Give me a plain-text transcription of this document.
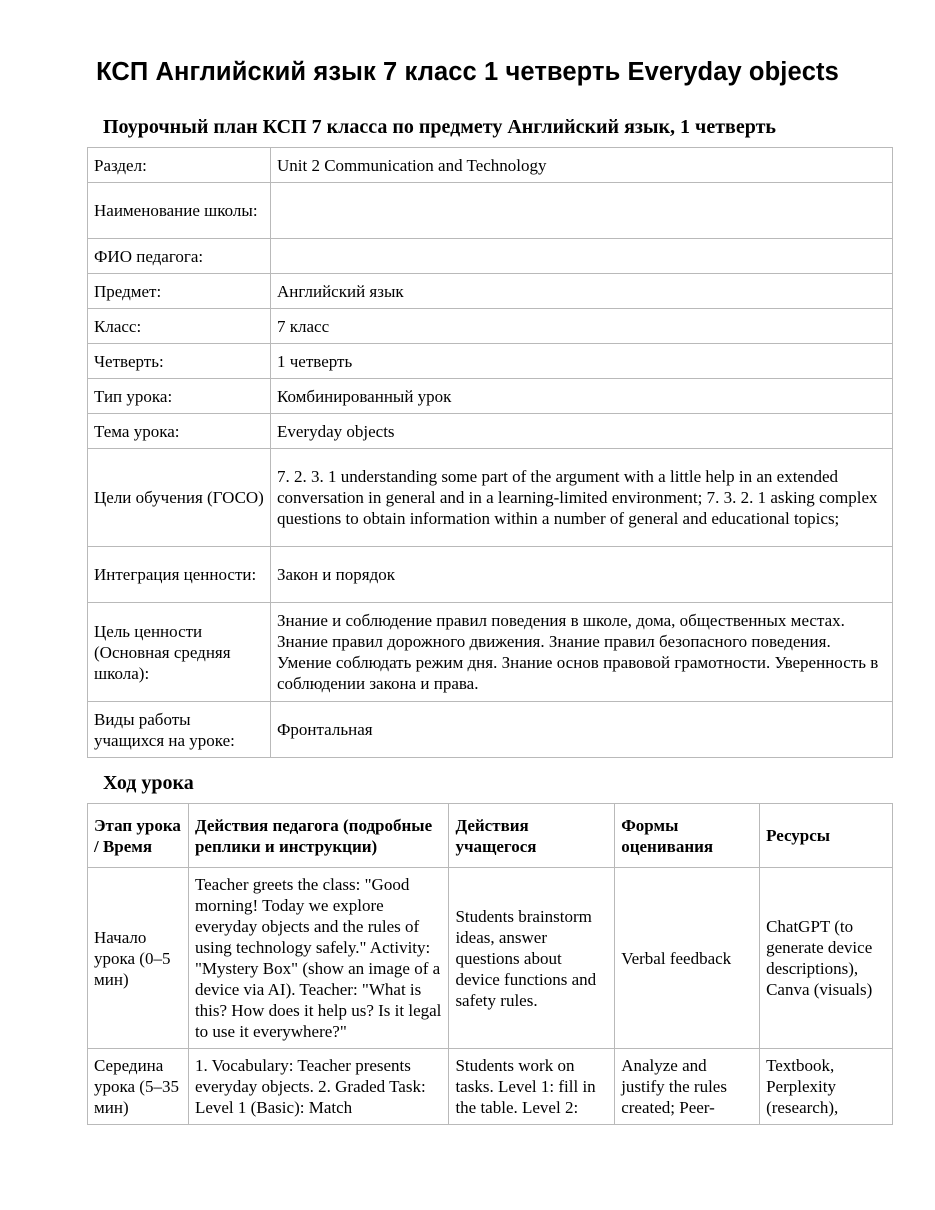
КСП Английский язык 7 класс 1 четверть Everyday objects
Поурочный план КСП 7 класса по предмету Английский язык, 1 четверть
Раздел:	Unit 2 Communication and Technology
Наименование школы:	
ФИО педагога:	
Предмет:	Английский язык
Класс:	7 класс
Четверть:	1 четверть
Тип урока:	Комбинированный урок
Тема урока:	Everyday objects
Цели обучения (ГОСО)	7. 2. 3. 1 understanding some part of the argument with a little help in an extended conversation in general and in a learning-limited environment; 7. 3. 2. 1 asking complex questions to obtain information within a number of general and educational topics;
Интеграция ценности:	Закон и порядок
Цель ценности (Основная средняя школа):	Знание и соблюдение правил поведения в школе, дома, общественных местах. Знание правил дорожного движения. Знание правил безопасного поведения. Умение соблюдать режим дня. Знание основ правовой грамотности. Уверенность в соблюдении закона и права.
Виды работы учащихся на уроке:	Фронтальная
Ход урока
Этап урока / Время	Действия педагога (подробные реплики и инструкции)	Действия учащегося	Формы оценивания	Ресурсы
Начало урока (0–5 мин)	Teacher greets the class: "Good morning! Today we explore everyday objects and the rules of using technology safely." Activity: "Mystery Box" (show an image of a device via AI). Teacher: "What is this? How does it help us? Is it legal to use it everywhere?"	Students brainstorm ideas, answer questions about device functions and safety rules.	Verbal feedback	ChatGPT (to generate device descriptions), Canva (visuals)
Середина урока (5–35 мин)	1. Vocabulary: Teacher presents everyday objects. 2. Graded Task: Level 1 (Basic): Match	Students work on tasks. Level 1: fill in the table. Level 2:	Analyze and justify the rules created; Peer-	Textbook, Perplexity (research),
